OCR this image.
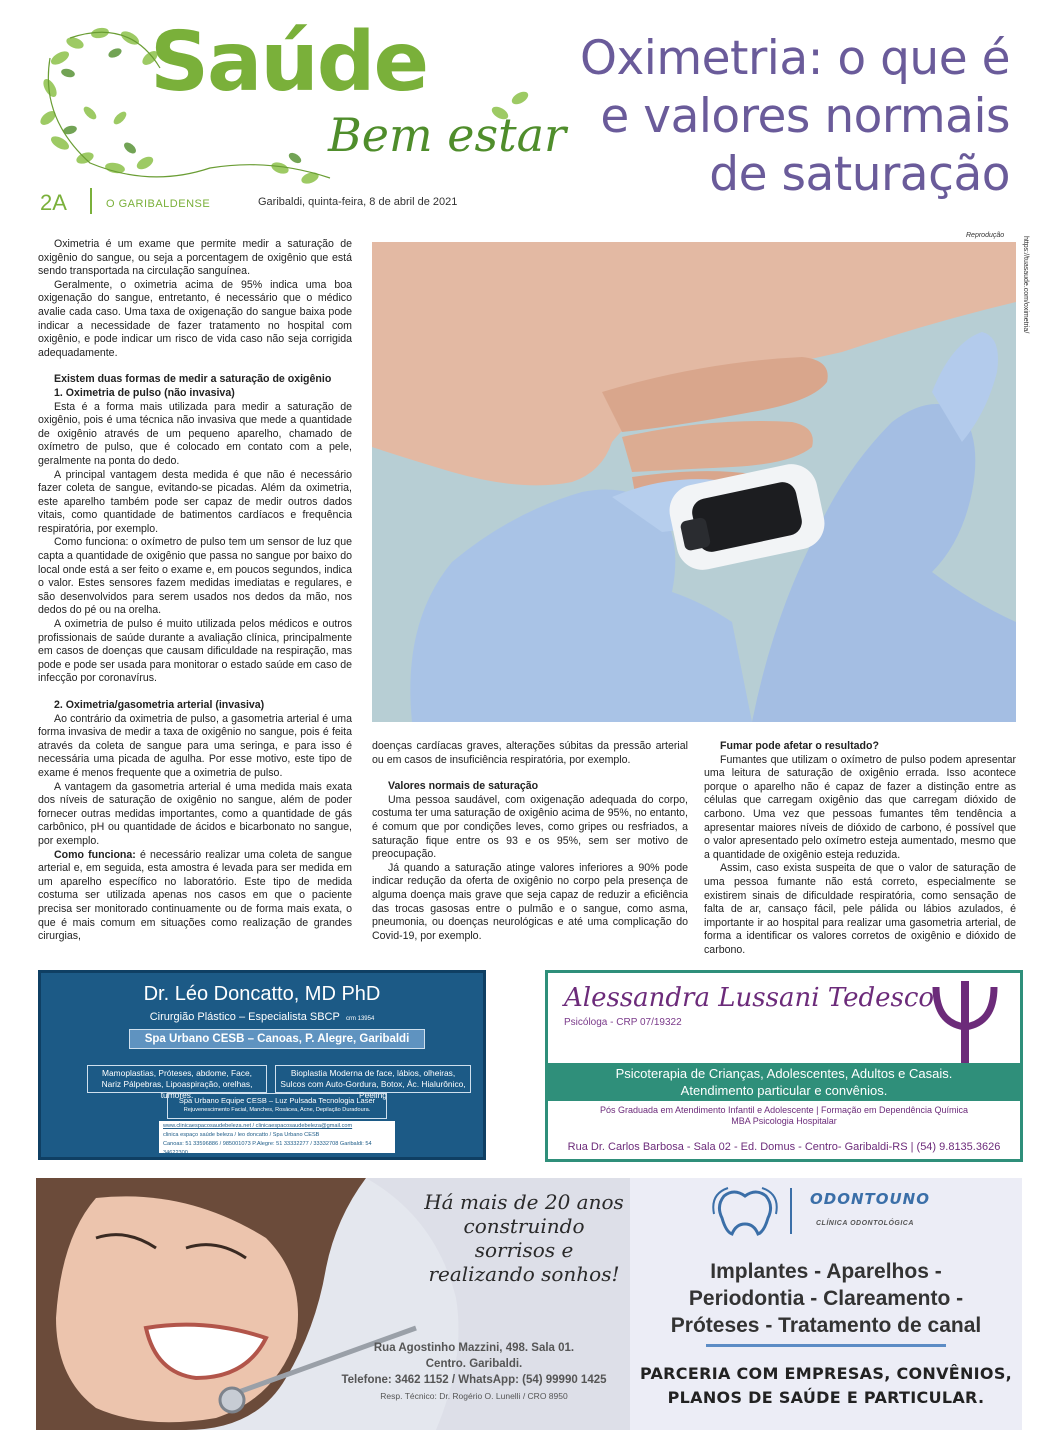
Saúde
Bem estar
2A	O GARIBALDENSE	Garibaldi, quinta-feira, 8 de abril de 2021
Oximetria: o que é e valores normais de saturação

Oximetria é um exame que permite medir a saturação de oxigênio do sangue, ou seja a porcentagem de oxigênio que está sendo transportada na circulação sanguínea.

Geralmente, o oximetria acima de 95% indica uma boa oxigenação do sangue, entretanto, é necessário que o médico avalie cada caso. Uma taxa de oxigenação do sangue baixa pode indicar a necessidade de fazer tratamento no hospital com oxigênio, e pode indicar um risco de vida caso não seja corrigida adequadamente.

Existem duas formas de medir a saturação de oxigênio

1. Oximetria de pulso (não invasiva)

Esta é a forma mais utilizada para medir a saturação de oxigênio, pois é uma técnica não invasiva que mede a quantidade de oxigênio através de um pequeno aparelho, chamado de oxímetro de pulso, que é colocado em contato com a pele, geralmente na ponta do dedo.

A principal vantagem desta medida é que não é necessário fazer coleta de sangue, evitando-se picadas. Além da oximetria, este aparelho também pode ser capaz de medir outros dados vitais, como quantidade de batimentos cardíacos e frequência respiratória, por exemplo.

Como funciona: o oxímetro de pulso tem um sensor de luz que capta a quantidade de oxigênio que passa no sangue por baixo do local onde está a ser feito o exame e, em poucos segundos, indica o valor. Estes sensores fazem medidas imediatas e regulares, e são desenvolvidos para serem usados nos dedos da mão, nos dedos do pé ou na orelha.

A oximetria de pulso é muito utilizada pelos médicos e outros profissionais de saúde durante a avaliação clínica, principalmente em casos de doenças que causam dificuldade na respiração, mas pode e pode ser usada para monitorar o estado saúde em caso de infecção por coronavírus.

2. Oximetria/gasometria arterial (invasiva)

Ao contrário da oximetria de pulso, a gasometria arterial é uma forma invasiva de medir a taxa de oxigênio no sangue, pois é feita através da coleta de sangue para uma seringa, e para isso é necessária uma picada de agulha. Por esse motivo, este tipo de exame é menos frequente que a oximetria de pulso.

A vantagem da gasometria arterial é uma medida mais exata dos níveis de saturação de oxigênio no sangue, além de poder fornecer outras medidas importantes, como a quantidade de gás carbônico, pH ou quantidade de ácidos e bicarbonato no sangue, por exemplo.

Como funciona: é necessário realizar uma coleta de sangue arterial e, em seguida, esta amostra é levada para ser medida em um aparelho específico no laboratório. Este tipo de medida costuma ser utilizada apenas nos casos em que o paciente precisa ser monitorado continuamente ou de forma mais exata, o que é mais comum em situações como realização de grandes cirurgias,

Reprodução
https://tuasaude.com/oximetria/

doenças cardíacas graves, alterações súbitas da pressão arterial ou em casos de insuficiência respiratória, por exemplo.

Valores normais de saturação

Uma pessoa saudável, com oxigenação adequada do corpo, costuma ter uma saturação de oxigênio acima de 95%, no entanto, é comum que por condições leves, como gripes ou resfriados, a saturação fique entre os 93 e os 95%, sem ser motivo de preocupação.

Já quando a saturação atinge valores inferiores a 90% pode indicar redução da oferta de oxigênio no corpo pela presença de alguma doença mais grave que seja capaz de reduzir a eficiência das trocas gasosas entre o pulmão e o sangue, como asma, pneumonia, ou doenças neurológicas e até uma complicação do Covid-19, por exemplo.

Fumar pode afetar o resultado?

Fumantes que utilizam o oxímetro de pulso podem apresentar uma leitura de saturação de oxigênio errada. Isso acontece porque o aparelho não é capaz de fazer a distinção entre as células que carregam oxigênio das que carregam dióxido de carbono. Uma vez que pessoas fumantes têm tendência a apresentar maiores níveis de dióxido de carbono, é possível que o valor apresentado pelo oxímetro esteja aumentado, mesmo que a quantidade de oxigênio esteja reduzida.

Assim, caso exista suspeita de que o valor de saturação de uma pessoa fumante não está correto, especialmente se existirem sinais de dificuldade respiratória, como sensação de falta de ar, cansaço fácil, pele pálida ou lábios azulados, é importante ir ao hospital para realizar uma gasometria arterial, de forma a identificar os valores corretos de oxigênio e dióxido de carbono.

Dr. Léo Doncatto, MD PhD
Cirurgião Plástico – Especialista SBCP crm 13954
Spa Urbano CESB – Canoas, P. Alegre, Garibaldi
Mamoplastias, Próteses, abdome, Face, Nariz Pálpebras, Lipoaspiração, orelhas, tumores.
Bioplastia Moderna de face, lábios, olheiras, Sulcos com Auto-Gordura, Botox, Ác. Hialurônico, Peeling
Spa Urbano Equipe CESB – Luz Pulsada Tecnologia Laser
Rejuvenescimento Facial, Manches, Rosácea, Acne, Depilação Duradoura.
www.clinicaespacosaudebeleza.net / clinicaespacosaudebeleza@gmail.com
clinica espaço saúde beleza / leo doncatto / Spa Urbano CESB
Canoas: 51 33596886 / 985001073 P.Alegre: 51 33332277 / 33332708 Garibaldi: 54 34622300
Alessandra Lussani Tedesco
Psicóloga - CRP 07/19322
Psicoterapia de Crianças, Adolescentes, Adultos e Casais.
Atendimento particular e convênios.
Pós Graduada em Atendimento Infantil e Adolescente | Formação em Dependência Química
MBA Psicologia Hospitalar
Rua Dr. Carlos Barbosa - Sala 02 - Ed. Domus - Centro- Garibaldi-RS | (54) 9.8135.3626
Há mais de 20 anos construindo sorrisos e realizando sonhos!
Rua Agostinho Mazzini, 498. Sala 01.
Centro. Garibaldi.
Telefone: 3462 1152 / WhatsApp: (54) 99990 1425
Resp. Técnico: Dr. Rogério O. Lunelli / CRO 8950
ODONTOUNO
CLÍNICA ODONTOLÓGICA
Implantes - Aparelhos -
Periodontia - Clareamento -
Próteses - Tratamento de canal
PARCERIA COM EMPRESAS, CONVÊNIOS,
PLANOS DE SAÚDE E PARTICULAR.
